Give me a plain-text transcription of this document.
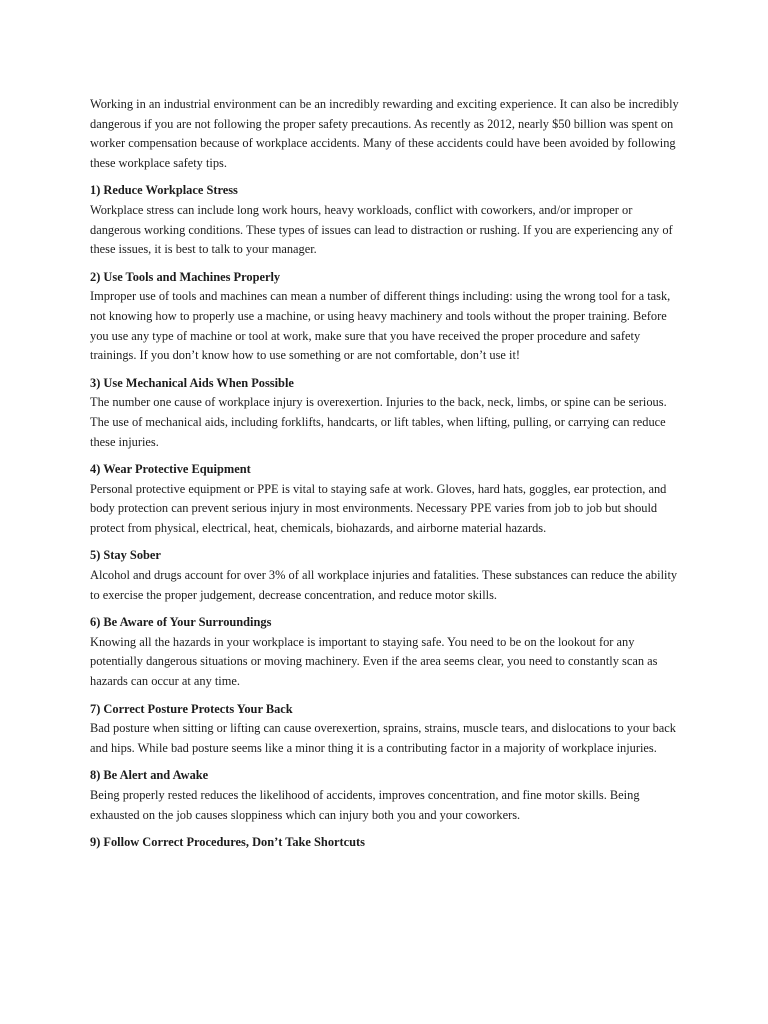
Working in an industrial environment can be an incredibly rewarding and exciting experience. It can also be incredibly dangerous if you are not following the proper safety precautions. As recently as 2012, nearly $50 billion was spent on worker compensation because of workplace accidents. Many of these accidents could have been avoided by following these workplace safety tips.

1) Reduce Workplace Stress

Workplace stress can include long work hours, heavy workloads, conflict with coworkers, and/or improper or dangerous working conditions. These types of issues can lead to distraction or rushing. If you are experiencing any of these issues, it is best to talk to your manager.

2) Use Tools and Machines Properly

Improper use of tools and machines can mean a number of different things including: using the wrong tool for a task, not knowing how to properly use a machine, or using heavy machinery and tools without the proper training. Before you use any type of machine or tool at work, make sure that you have received the proper procedure and safety trainings. If you don’t know how to use something or are not comfortable, don’t use it!

3) Use Mechanical Aids When Possible

The number one cause of workplace injury is overexertion. Injuries to the back, neck, limbs, or spine can be serious. The use of mechanical aids, including forklifts, handcarts, or lift tables, when lifting, pulling, or carrying can reduce these injuries.

4) Wear Protective Equipment

Personal protective equipment or PPE is vital to staying safe at work. Gloves, hard hats, goggles, ear protection, and body protection can prevent serious injury in most environments. Necessary PPE varies from job to job but should protect from physical, electrical, heat, chemicals, biohazards, and airborne material hazards.

5) Stay Sober

Alcohol and drugs account for over 3% of all workplace injuries and fatalities. These substances can reduce the ability to exercise the proper judgement, decrease concentration, and reduce motor skills.

6) Be Aware of Your Surroundings

Knowing all the hazards in your workplace is important to staying safe. You need to be on the lookout for any potentially dangerous situations or moving machinery. Even if the area seems clear, you need to constantly scan as hazards can occur at any time.

7) Correct Posture Protects Your Back

Bad posture when sitting or lifting can cause overexertion, sprains, strains, muscle tears, and dislocations to your back and hips. While bad posture seems like a minor thing it is a contributing factor in a majority of workplace injuries.

8) Be Alert and Awake

Being properly rested reduces the likelihood of accidents, improves concentration, and fine motor skills. Being exhausted on the job causes sloppiness which can injury both you and your coworkers.

9) Follow Correct Procedures, Don’t Take Shortcuts
